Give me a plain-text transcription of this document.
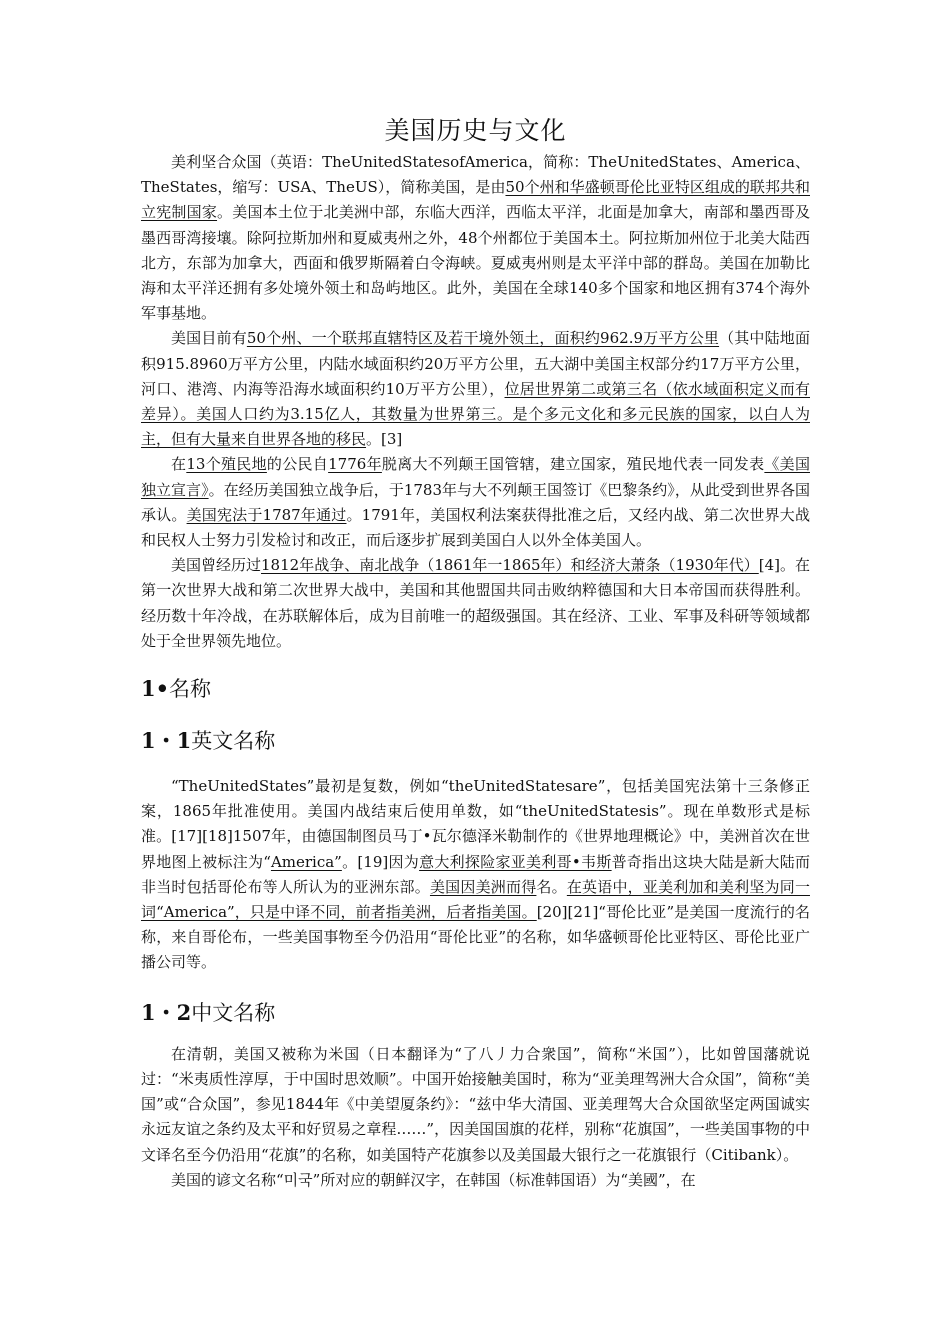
美国历史与文化

美利坚合众国（英语：TheUnitedStatesofAmerica，简称：TheUnitedStates、America、TheStates，缩写：USA、TheUS），简称美国，是由50个州和华盛顿哥伦比亚特区组成的联邦共和立宪制国家。美国本土位于北美洲中部，东临大西洋，西临太平洋，北面是加拿大，南部和墨西哥及墨西哥湾接壤。除阿拉斯加州和夏威夷州之外，48个州都位于美国本土。阿拉斯加州位于北美大陆西北方，东部为加拿大，西面和俄罗斯隔着白令海峡。夏威夷州则是太平洋中部的群岛。美国在加勒比海和太平洋还拥有多处境外领土和岛屿地区。此外，美国在全球140多个国家和地区拥有374个海外军事基地。

美国目前有50个州、一个联邦直辖特区及若干境外领土，面积约962.9万平方公里（其中陆地面积915.8960万平方公里，内陆水域面积约20万平方公里，五大湖中美国主权部分约17万平方公里，河口、港湾、内海等沿海水域面积约10万平方公里），位居世界第二或第三名（依水域面积定义而有差异）。美国人口约为3.15亿人，其数量为世界第三。是个多元文化和多元民族的国家，以白人为主，但有大量来自世界各地的移民。[3]

在13个殖民地的公民自1776年脱离大不列颠王国管辖，建立国家，殖民地代表一同发表《美国独立宣言》。在经历美国独立战争后，于1783年与大不列颠王国签订《巴黎条约》，从此受到世界各国承认。美国宪法于1787年通过。1791年，美国权利法案获得批准之后，又经内战、第二次世界大战和民权人士努力引发检讨和改正，而后逐步扩展到美国白人以外全体美国人。

美国曾经历过1812年战争、南北战争（1861年一1865年）和经济大萧条（1930年代）[4]。在第一次世界大战和第二次世界大战中，美国和其他盟国共同击败纳粹德国和大日本帝国而获得胜利。经历数十年冷战，在苏联解体后，成为目前唯一的超级强国。其在经济、工业、军事及科研等领域都处于全世界领先地位。

1•名称
1・1英文名称

“TheUnitedStates”最初是复数，例如“theUnitedStatesare”，包括美国宪法第十三条修正案，1865年批准使用。美国内战结束后使用单数，如“theUnitedStatesis”。现在单数形式是标准。[17][18]1507年，由德国制图员马丁•瓦尔德泽米勒制作的《世界地理概论》中，美洲首次在世界地图上被标注为“America”。[19]因为意大利探险家亚美利哥•韦斯普奇指出这块大陆是新大陆而非当时包括哥伦布等人所认为的亚洲东部。美国因美洲而得名。在英语中，亚美利加和美利坚为同一词“America”，只是中译不同，前者指美洲，后者指美国。[20][21]“哥伦比亚”是美国一度流行的名称，来自哥伦布，一些美国事物至今仍沿用“哥伦比亚”的名称，如华盛顿哥伦比亚特区、哥伦比亚广播公司等。

1・2中文名称

在清朝，美国又被称为米国（日本翻译为“了八丿力合衆国”，简称“米国”），比如曾国藩就说过：“米夷质性淳厚，于中国时思效顺”。中国开始接触美国时，称为“亚美理驾洲大合众国”，简称“美国”或“合众国”，参见1844年《中美望厦条约》：“兹中华大清国、亚美理驾大合众国欲坚定两国诚实永远友谊之条约及太平和好贸易之章程……”，因美国国旗的花样，别称“花旗国”，一些美国事物的中文译名至今仍沿用“花旗”的名称，如美国特产花旗参以及美国最大银行之一花旗银行（Citibank）。

美国的谚文名称“미국”所对应的朝鲜汉字，在韩国（标准韩国语）为“美國”，在
